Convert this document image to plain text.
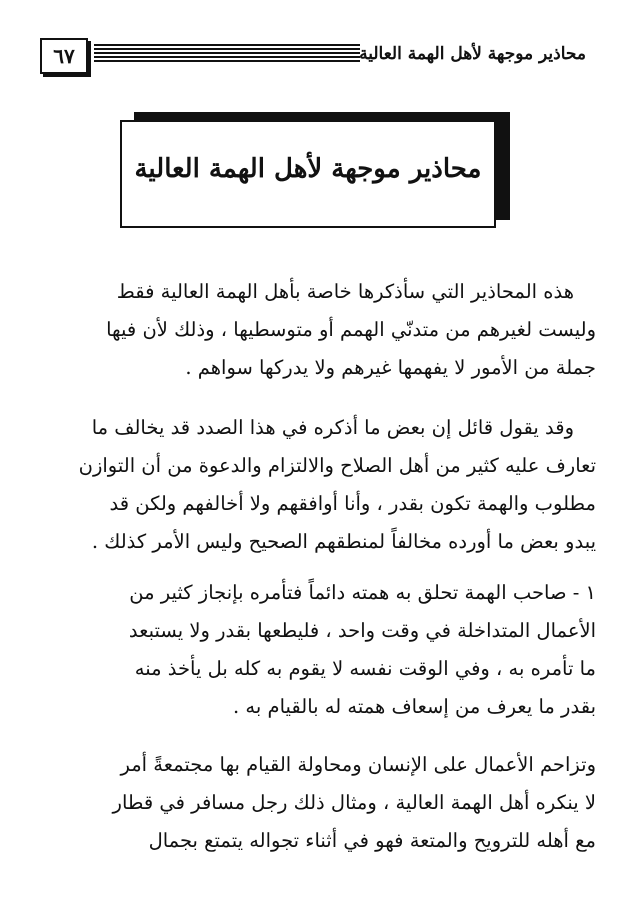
٦٧	محاذير موجهة لأهل الهمة العالية
محاذير موجهة لأهل الهمة العالية
هذه المحاذير التي سأذكرها خاصة بأهل الهمة العالية فقط
وليست لغيرهم من متدنّي الهمم أو متوسطيها ، وذلك لأن فيها
جملة من الأمور لا يفهمها غيرهم ولا يدركها سواهم .
وقد يقول قائل إن بعض ما أذكره في هذا الصدد قد يخالف ما
تعارف عليه كثير من أهل الصلاح والالتزام والدعوة من أن التوازن
مطلوب والهمة تكون بقدر ، وأنا أوافقهم ولا أخالفهم ولكن قد
يبدو بعض ما أورده مخالفاً لمنطقهم الصحيح وليس الأمر كذلك .
١ - صاحب الهمة تحلق به همته دائماً فتأمره بإنجاز كثير من
الأعمال المتداخلة في وقت واحد ، فليطعها بقدر ولا يستبعد
ما تأمره به ، وفي الوقت نفسه لا يقوم به كله بل يأخذ منه
بقدر ما يعرف من إسعاف همته له بالقيام به .
وتزاحم الأعمال على الإنسان ومحاولة القيام بها مجتمعةً أمر
لا ينكره أهل الهمة العالية ، ومثال ذلك رجل مسافر في قطار
مع أهله للترويح والمتعة فهو في أثناء تجواله يتمتع بجمال
